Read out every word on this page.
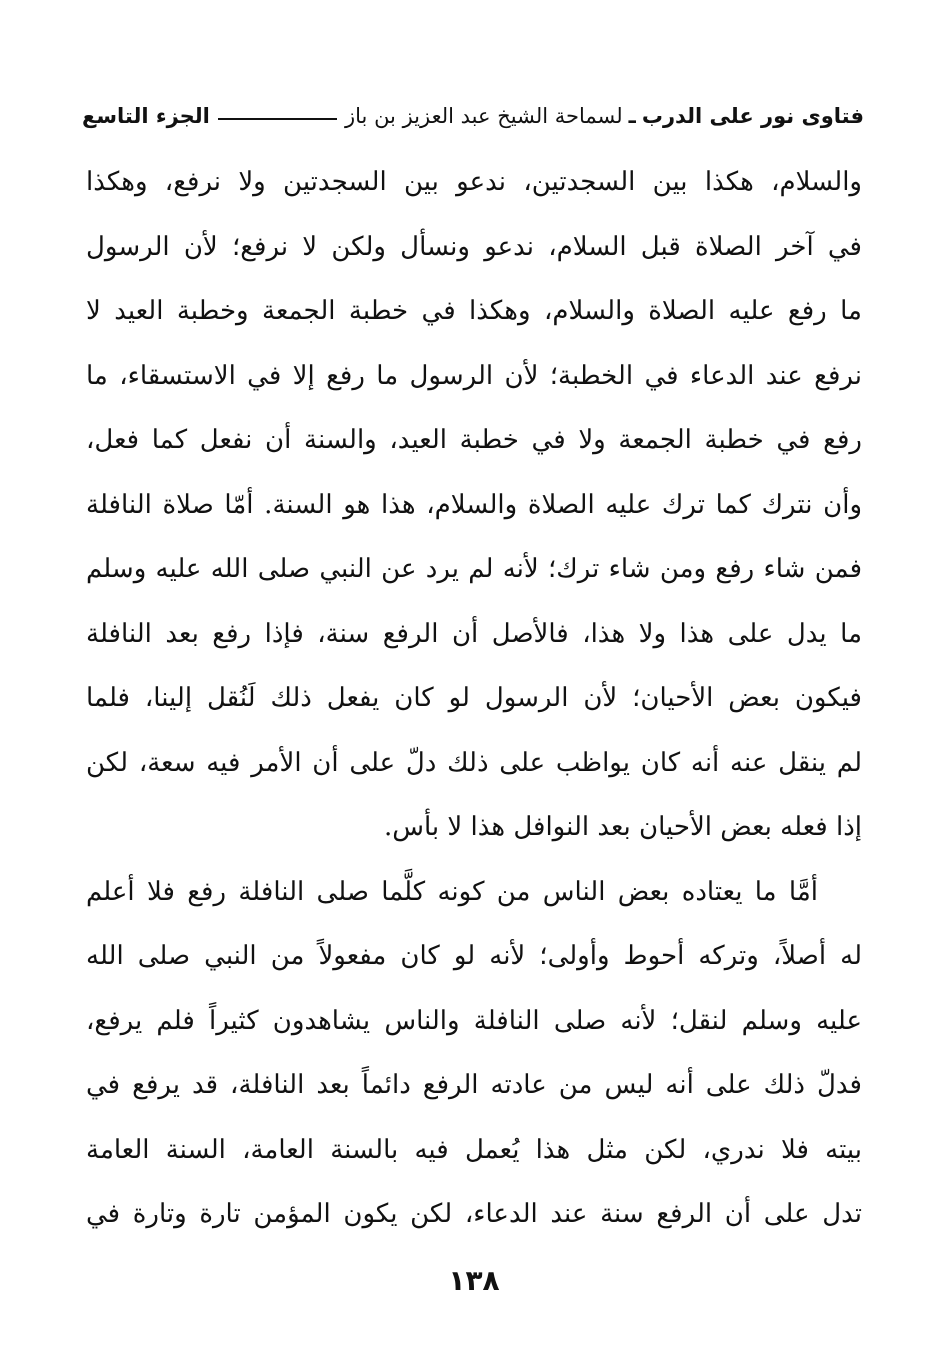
فتاوى نور على الدرب
ـ
لسماحة الشيخ عبد العزيز بن باز
الجزء التاسع

والسلام، هكذا بين السجدتين، ندعو بين السجدتين ولا نرفع، وهكذا
في آخر الصلاة قبل السلام، ندعو ونسأل ولكن لا نرفع؛ لأن الرسول
ما رفع عليه الصلاة والسلام، وهكذا في خطبة الجمعة وخطبة العيد لا
نرفع عند الدعاء في الخطبة؛ لأن الرسول ما رفع إلا في الاستسقاء، ما
رفع في خطبة الجمعة ولا في خطبة العيد، والسنة أن نفعل كما فعل،
وأن نترك كما ترك عليه الصلاة والسلام، هذا هو السنة. أمّا صلاة النافلة
فمن شاء رفع ومن شاء ترك؛ لأنه لم يرد عن النبي صلى الله عليه وسلم
ما يدل على هذا ولا هذا، فالأصل أن الرفع سنة، فإذا رفع بعد النافلة
فيكون بعض الأحيان؛ لأن الرسول لو كان يفعل ذلك لَنُقل إلينا، فلما
لم ينقل عنه أنه كان يواظب على ذلك دلّ على أن الأمر فيه سعة، لكن
إذا فعله بعض الأحيان بعد النوافل هذا لا بأس.

أمَّا ما يعتاده بعض الناس من كونه كلَّما صلى النافلة رفع فلا أعلم
له أصلاً، وتركه أحوط وأولى؛ لأنه لو كان مفعولاً من النبي صلى الله
عليه وسلم لنقل؛ لأنه صلى النافلة والناس يشاهدون كثيراً فلم يرفع،
فدلّ ذلك على أنه ليس من عادته الرفع دائماً بعد النافلة، قد يرفع في
بيته فلا ندري، لكن مثل هذا يُعمل فيه بالسنة العامة، السنة العامة
تدل على أن الرفع سنة عند الدعاء، لكن يكون المؤمن تارة وتارة في

١٣٨
